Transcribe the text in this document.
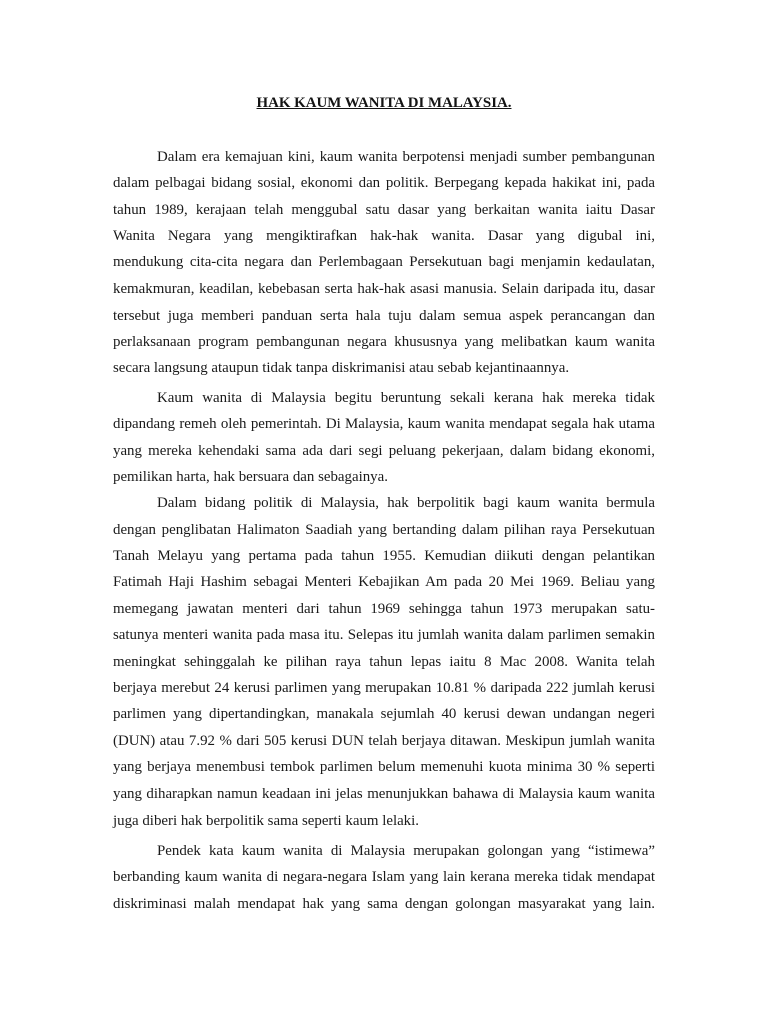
HAK KAUM WANITA DI MALAYSIA.
Dalam era kemajuan kini, kaum wanita berpotensi menjadi sumber pembangunan
dalam pelbagai bidang sosial, ekonomi dan politik. Berpegang kepada hakikat ini, pada
tahun 1989, kerajaan telah menggubal satu dasar yang berkaitan wanita iaitu Dasar
Wanita Negara yang mengiktirafkan hak-hak wanita. Dasar yang digubal ini,
mendukung cita-cita negara dan Perlembagaan Persekutuan bagi menjamin kedaulatan,
kemakmuran, keadilan, kebebasan serta hak-hak asasi manusia. Selain daripada itu, dasar
tersebut juga memberi panduan serta hala tuju dalam semua aspek perancangan dan
perlaksanaan program pembangunan negara khususnya yang melibatkan kaum wanita
secara langsung ataupun tidak tanpa diskrimanisi atau sebab kejantinaannya.
Kaum wanita di Malaysia begitu beruntung sekali kerana hak mereka tidak
dipandang remeh oleh pemerintah. Di Malaysia, kaum wanita mendapat segala hak utama
yang mereka kehendaki sama ada dari segi peluang pekerjaan, dalam bidang ekonomi,
pemilikan harta, hak bersuara dan sebagainya.
Dalam bidang politik di Malaysia, hak berpolitik bagi kaum wanita bermula
dengan penglibatan Halimaton Saadiah yang bertanding dalam pilihan raya Persekutuan
Tanah Melayu yang pertama pada tahun 1955. Kemudian diikuti dengan pelantikan
Fatimah Haji Hashim sebagai Menteri Kebajikan Am pada 20 Mei 1969. Beliau yang
memegang jawatan menteri dari tahun 1969 sehingga tahun 1973 merupakan satu-
satunya menteri wanita pada masa itu. Selepas itu jumlah wanita dalam parlimen semakin
meningkat sehinggalah ke pilihan raya tahun lepas iaitu 8 Mac 2008. Wanita telah
berjaya merebut 24 kerusi parlimen yang merupakan 10.81 % daripada 222 jumlah kerusi
parlimen yang dipertandingkan, manakala sejumlah 40 kerusi dewan undangan negeri
(DUN) atau 7.92 % dari 505 kerusi DUN telah berjaya ditawan. Meskipun jumlah wanita
yang berjaya menembusi tembok parlimen belum memenuhi kuota minima 30 % seperti
yang diharapkan namun keadaan ini jelas menunjukkan bahawa di Malaysia kaum wanita
juga diberi hak berpolitik sama seperti kaum lelaki.
Pendek kata kaum wanita di Malaysia merupakan golongan yang “istimewa”
berbanding kaum wanita di negara-negara Islam yang lain kerana mereka tidak mendapat
diskriminasi malah mendapat hak yang sama dengan golongan masyarakat yang lain.
